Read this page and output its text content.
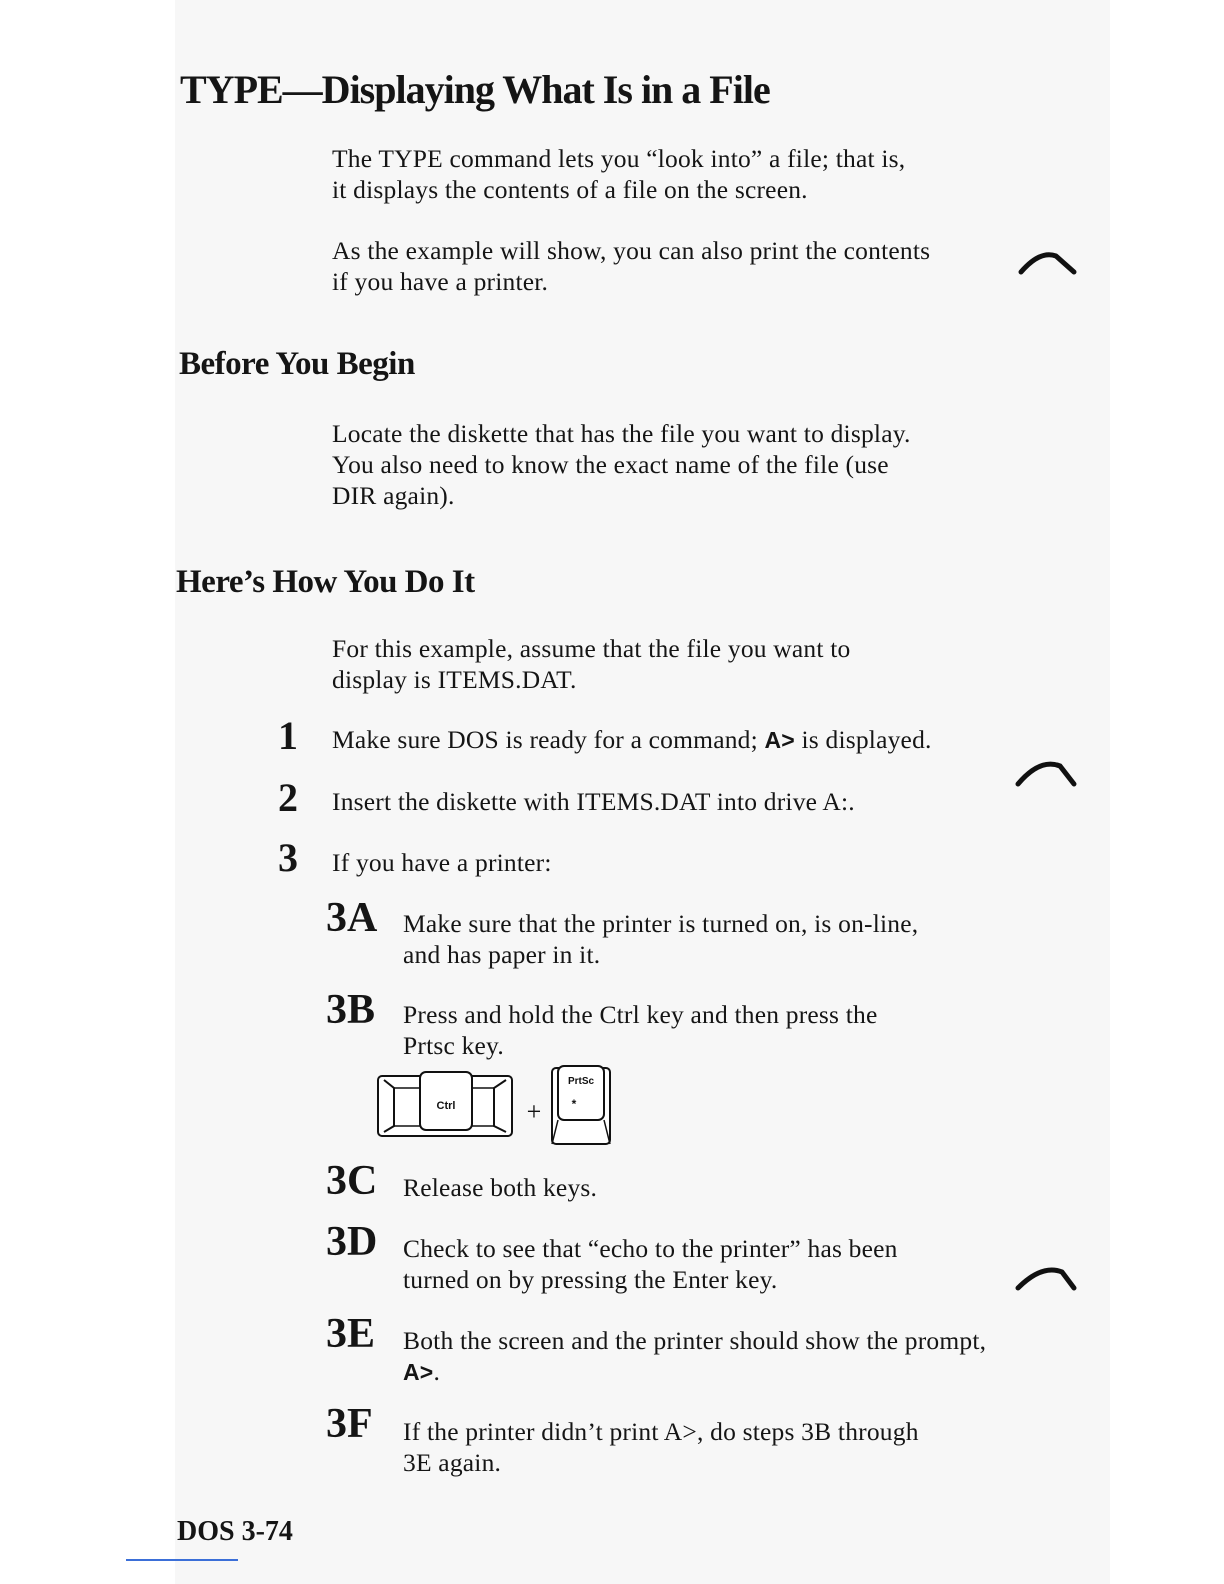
TYPE—Displaying What Is in a File
The TYPE command lets you “look into” a file; that is,
it displays the contents of a file on the screen.
As the example will show, you can also print the contents
if you have a printer.
Before You Begin
Locate the diskette that has the file you want to display.
You also need to know the exact name of the file (use
DIR again).
Here’s How You Do It
For this example, assume that the file you want to
display is ITEMS.DAT.
1 Make sure DOS is ready for a command; A> is displayed.
2 Insert the diskette with ITEMS.DAT into drive A:.
3 If you have a printer:
3A Make sure that the printer is turned on, is on-line,
and has paper in it.
3B Press and hold the Ctrl key and then press the
Prtsc key.
Ctrl	+
PrtSc
*
3C Release both keys.
3D Check to see that “echo to the printer” has been
turned on by pressing the Enter key.
3E Both the screen and the printer should show the prompt,
A>.
3F If the printer didn’t print A>, do steps 3B through
3E again.
DOS 3-74
